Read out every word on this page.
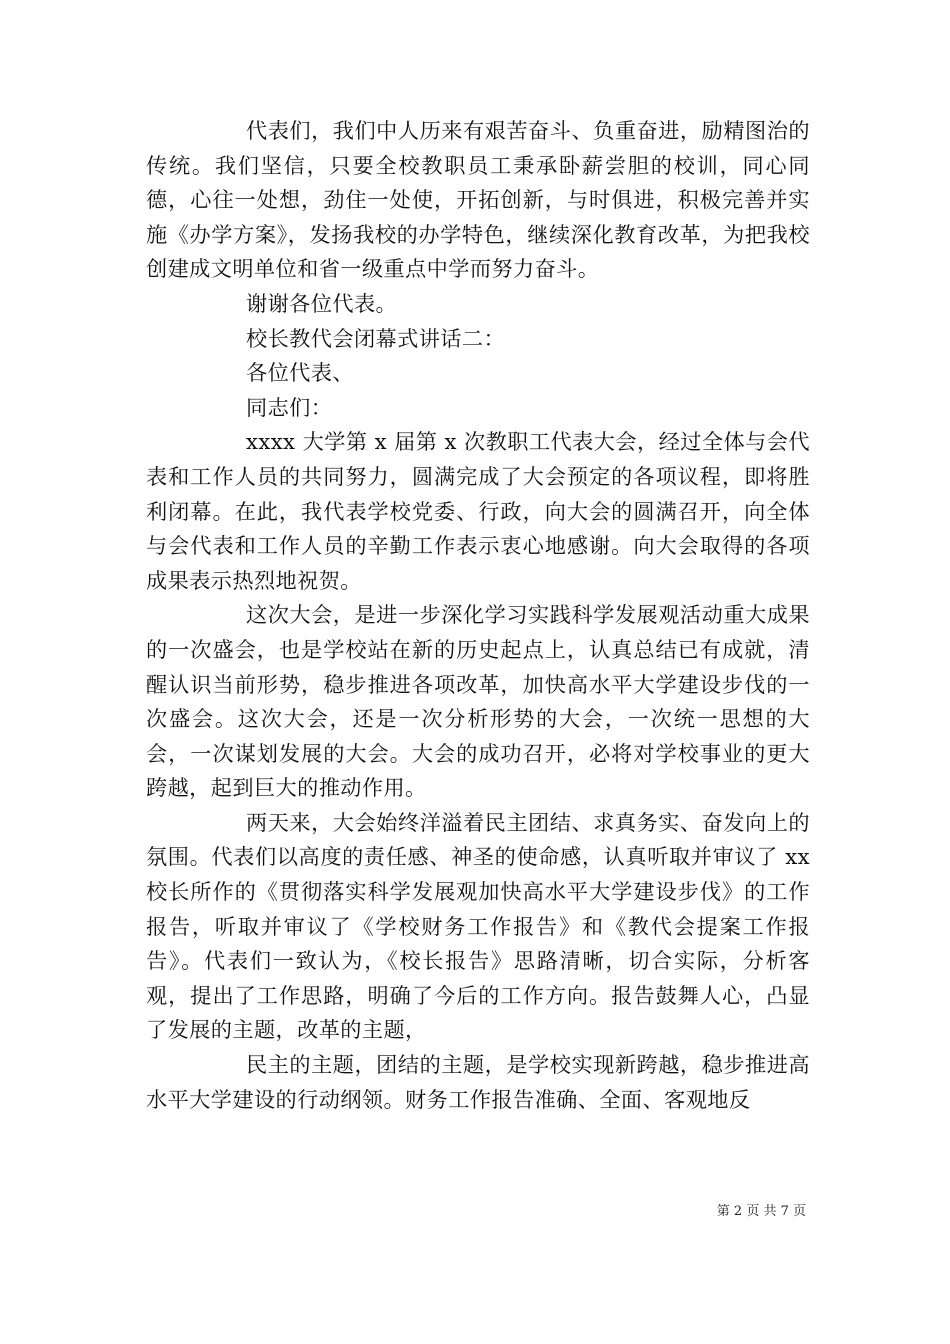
代表们，我们中人历来有艰苦奋斗、负重奋进，励精图治的传统。我们坚信，只要全校教职员工秉承卧薪尝胆的校训，同心同德，心往一处想，劲住一处使，开拓创新，与时俱进，积极完善并实施《办学方案》，发扬我校的办学特色，继续深化教育改革，为把我校创建成文明单位和省一级重点中学而努力奋斗。

谢谢各位代表。

校长教代会闭幕式讲话二：

各位代表、

同志们：

xxxx 大学第 x 届第 x 次教职工代表大会，经过全体与会代表和工作人员的共同努力，圆满完成了大会预定的各项议程，即将胜利闭幕。在此，我代表学校党委、行政，向大会的圆满召开，向全体与会代表和工作人员的辛勤工作表示衷心地感谢。向大会取得的各项成果表示热烈地祝贺。

这次大会，是进一步深化学习实践科学发展观活动重大成果的一次盛会，也是学校站在新的历史起点上，认真总结已有成就，清醒认识当前形势，稳步推进各项改革，加快高水平大学建设步伐的一次盛会。这次大会，还是一次分析形势的大会，一次统一思想的大会，一次谋划发展的大会。大会的成功召开，必将对学校事业的更大跨越，起到巨大的推动作用。

两天来，大会始终洋溢着民主团结、求真务实、奋发向上的氛围。代表们以高度的责任感、神圣的使命感，认真听取并审议了 xx 校长所作的《贯彻落实科学发展观加快高水平大学建设步伐》的工作报告，听取并审议了《学校财务工作报告》和《教代会提案工作报告》。代表们一致认为，《校长报告》思路清晰，切合实际，分析客观，提出了工作思路，明确了今后的工作方向。报告鼓舞人心，凸显了发展的主题，改革的主题，

民主的主题，团结的主题，是学校实现新跨越，稳步推进高水平大学建设的行动纲领。财务工作报告准确、全面、客观地反

第 2 页 共 7 页
